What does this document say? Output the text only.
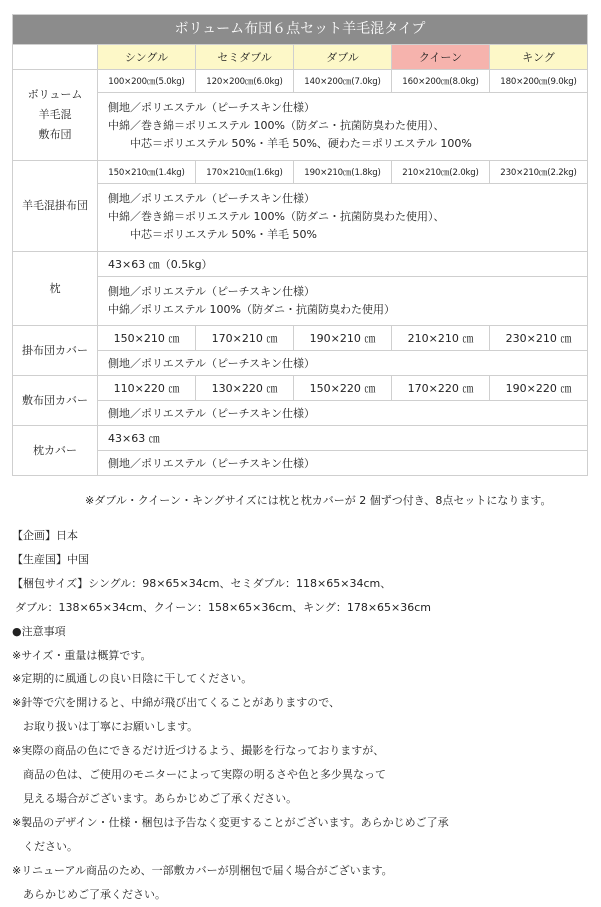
ボリューム布団６点セット羊毛混タイプ
シングル	セミダブル	ダブル	クイーン	キング
ボリューム
羊毛混
敷布団
100×200㎝(5.0kg)	120×200㎝(6.0kg)	140×200㎝(7.0kg)	160×200㎝(8.0kg)	180×200㎝(9.0kg)
側地／ポリエステル（ピーチスキン仕様）
中綿／巻き綿＝ポリエステル 100%（防ダニ・抗菌防臭わた使用）、
　　中芯＝ポリエステル 50%・羊毛 50%、硬わた＝ポリエステル 100%
羊毛混掛布団
150×210㎝(1.4kg)	170×210㎝(1.6kg)	190×210㎝(1.8kg)	210×210㎝(2.0kg)	230×210㎝(2.2kg)
側地／ポリエステル（ピーチスキン仕様）
中綿／巻き綿＝ポリエステル 100%（防ダニ・抗菌防臭わた使用）、
　　中芯＝ポリエステル 50%・羊毛 50%
枕
43×63 ㎝（0.5kg）
側地／ポリエステル（ピーチスキン仕様）
中綿／ポリエステル 100%（防ダニ・抗菌防臭わた使用）
掛布団カバー
150×210 ㎝	170×210 ㎝	190×210 ㎝	210×210 ㎝	230×210 ㎝
側地／ポリエステル（ピーチスキン仕様）
敷布団カバー
110×220 ㎝	130×220 ㎝	150×220 ㎝	170×220 ㎝	190×220 ㎝
側地／ポリエステル（ピーチスキン仕様）
枕カバー
43×63 ㎝
側地／ポリエステル（ピーチスキン仕様）
※ダブル・クイーン・キングサイズには枕と枕カバーが 2 個ずつ付き、8点セットになります。
【企画】日本
【生産国】中国
【梱包サイズ】シングル：98×65×34cm、セミダブル：118×65×34cm、
ダブル：138×65×34cm、クイーン：158×65×36cm、キング：178×65×36cm
●注意事項
※サイズ・重量は概算です。
※定期的に風通しの良い日陰に干してください。
※針等で穴を開けると、中綿が飛び出てくることがありますので、
　お取り扱いは丁寧にお願いします。
※実際の商品の色にできるだけ近づけるよう、撮影を行なっておりますが、
　商品の色は、ご使用のモニターによって実際の明るさや色と多少異なって
　見える場合がございます。あらかじめご了承ください。
※製品のデザイン・仕様・梱包は予告なく変更することがございます。あらかじめご了承
　ください。
※リニューアル商品のため、一部敷カバーが別梱包で届く場合がございます。
　あらかじめご了承ください。
